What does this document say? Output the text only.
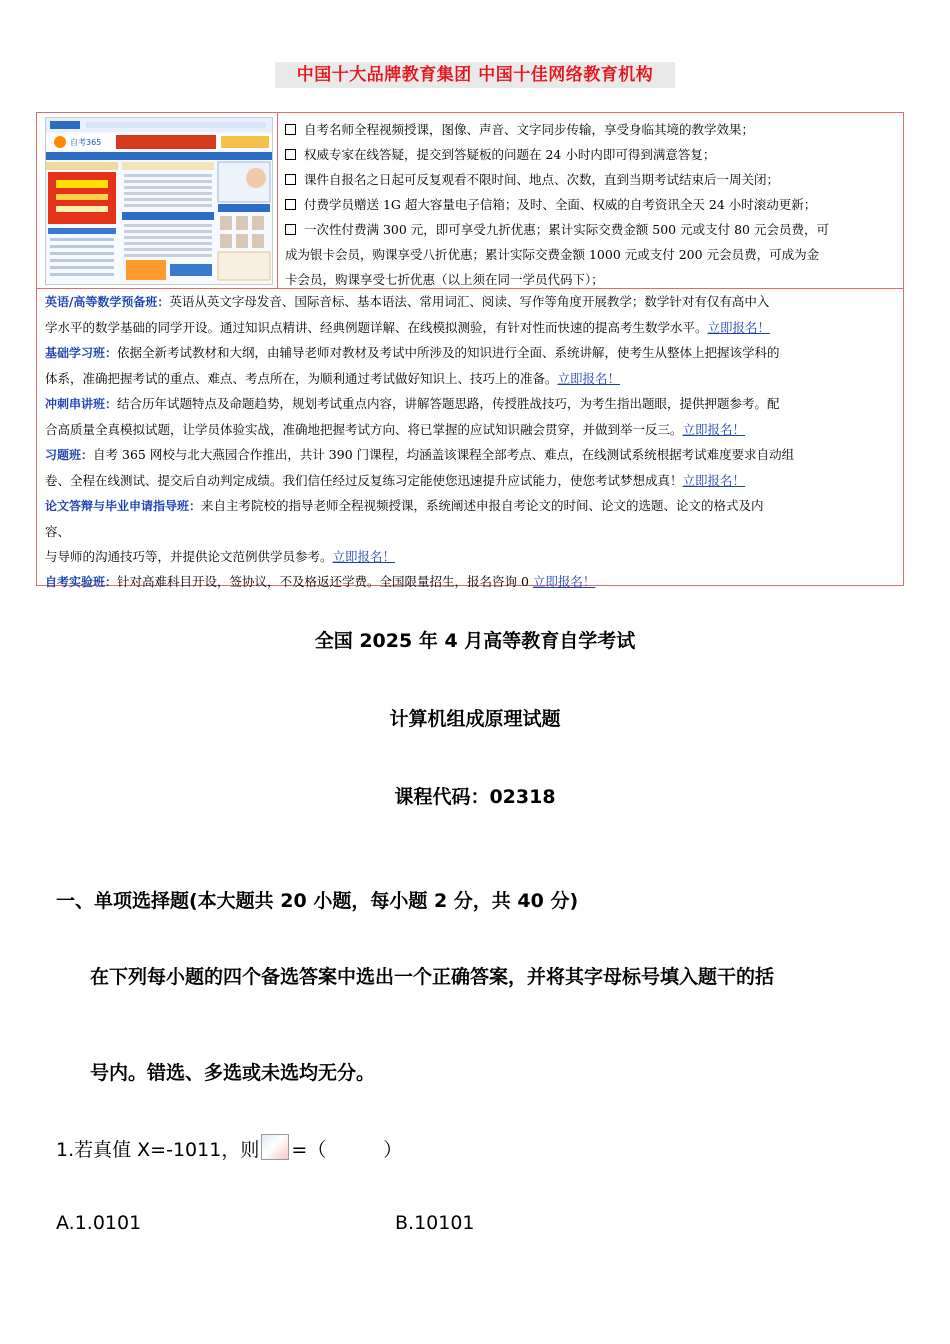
中国十大品牌教育集团 中国十佳网络教育机构
自考365
自考名师全程视频授课，图像、声音、文字同步传输，享受身临其境的教学效果；
权威专家在线答疑，提交到答疑板的问题在 24 小时内即可得到满意答复；
课件自报名之日起可反复观看不限时间、地点、次数，直到当期考试结束后一周关闭；
付费学员赠送 1G 超大容量电子信箱；及时、全面、权威的自考资讯全天 24 小时滚动更新；
一次性付费满 300 元，即可享受九折优惠；累计实际交费金额 500 元或支付 80 元会员费，可
成为银卡会员，购课享受八折优惠；累计实际交费金额 1000 元或支付 200 元会员费，可成为金
卡会员，购课享受七折优惠（以上须在同一学员代码下）；
英语/高等数学预备班：英语从英文字母发音、国际音标、基本语法、常用词汇、阅读、写作等角度开展教学；数学针对有仅有高中入
学水平的数学基础的同学开设。通过知识点精讲、经典例题详解、在线模拟测验，有针对性而快速的提高考生数学水平。立即报名！
基础学习班：依据全新考试教材和大纲，由辅导老师对教材及考试中所涉及的知识进行全面、系统讲解，使考生从整体上把握该学科的
体系，准确把握考试的重点、难点、考点所在，为顺利通过考试做好知识上、技巧上的准备。立即报名！
冲刺串讲班：结合历年试题特点及命题趋势，规划考试重点内容，讲解答题思路，传授胜战技巧，为考生指出题眼，提供押题参考。配
合高质量全真模拟试题，让学员体验实战，准确地把握考试方向、将已掌握的应试知识融会贯穿，并做到举一反三。立即报名！
习题班：自考 365 网校与北大燕园合作推出，共计 390 门课程，均涵盖该课程全部考点、难点，在线测试系统根据考试难度要求自动组
卷、全程在线测试、提交后自动判定成绩。我们信任经过反复练习定能使您迅速提升应试能力，使您考试梦想成真！立即报名！
论文答辩与毕业申请指导班：来自主考院校的指导老师全程视频授课，系统阐述申报自考论文的时间、论文的选题、论文的格式及内
容、
与导师的沟通技巧等，并提供论文范例供学员参考。立即报名！
自考实验班：针对高难科目开设，签协议，不及格返还学费。全国限量招生，报名咨询 0 立即报名！
全国 2025 年 4 月高等教育自学考试
计算机组成原理试题
课程代码：02318
一、单项选择题(本大题共 20 小题，每小题 2 分，共 40 分)
在下列每小题的四个备选答案中选出一个正确答案，并将其字母标号填入题干的括
号内。错选、多选或未选均无分。
1.若真值 X=-1011，则 =（　　　）
A.1.0101	B.10101
